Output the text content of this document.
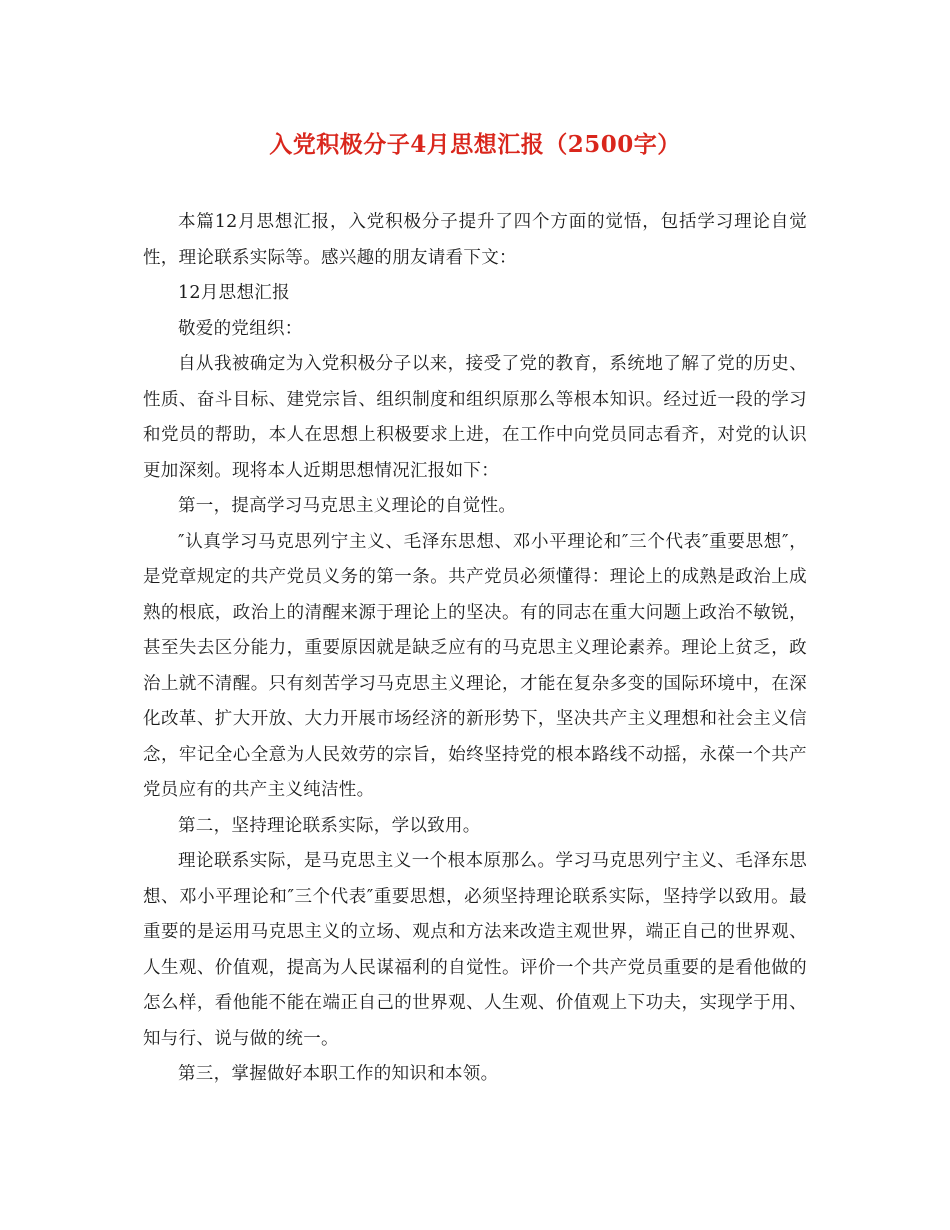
入党积极分子4月思想汇报（2500字）

本篇12月思想汇报，入党积极分子提升了四个方面的觉悟，包括学习理论自觉性，理论联系实际等。感兴趣的朋友请看下文：

12月思想汇报

敬爱的党组织：

自从我被确定为入党积极分子以来，接受了党的教育，系统地了解了党的历史、性质、奋斗目标、建党宗旨、组织制度和组织原那么等根本知识。经过近一段的学习和党员的帮助，本人在思想上积极要求上进，在工作中向党员同志看齐，对党的认识更加深刻。现将本人近期思想情况汇报如下：

第一，提高学习马克思主义理论的自觉性。

″认真学习马克思列宁主义、毛泽东思想、邓小平理论和″三个代表″重要思想″，是党章规定的共产党员义务的第一条。共产党员必须懂得：理论上的成熟是政治上成熟的根底，政治上的清醒来源于理论上的坚决。有的同志在重大问题上政治不敏锐，甚至失去区分能力，重要原因就是缺乏应有的马克思主义理论素养。理论上贫乏，政治上就不清醒。只有刻苦学习马克思主义理论，才能在复杂多变的国际环境中，在深化改革、扩大开放、大力开展市场经济的新形势下，坚决共产主义理想和社会主义信念，牢记全心全意为人民效劳的宗旨，始终坚持党的根本路线不动摇，永葆一个共产党员应有的共产主义纯洁性。

第二，坚持理论联系实际，学以致用。

理论联系实际，是马克思主义一个根本原那么。学习马克思列宁主义、毛泽东思想、邓小平理论和″三个代表″重要思想，必须坚持理论联系实际，坚持学以致用。最重要的是运用马克思主义的立场、观点和方法来改造主观世界，端正自己的世界观、人生观、价值观，提高为人民谋福利的自觉性。评价一个共产党员重要的是看他做的怎么样，看他能不能在端正自己的世界观、人生观、价值观上下功夫，实现学于用、知与行、说与做的统一。

第三，掌握做好本职工作的知识和本领。
